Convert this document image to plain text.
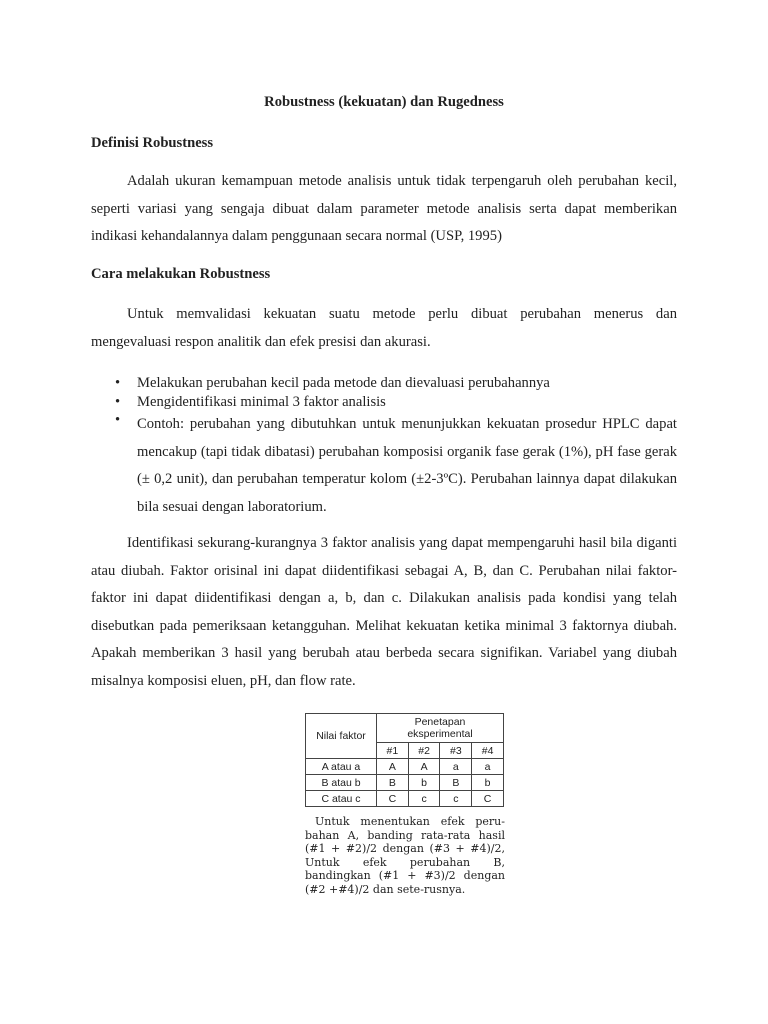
Robustness (kekuatan) dan Rugedness
Definisi Robustness

Adalah ukuran kemampuan metode analisis untuk tidak terpengaruh oleh perubahan kecil, seperti variasi yang sengaja dibuat dalam parameter metode analisis serta dapat memberikan indikasi kehandalannya dalam penggunaan secara normal (USP, 1995)

Cara melakukan Robustness

Untuk memvalidasi kekuatan suatu metode perlu dibuat perubahan menerus dan mengevaluasi respon analitik dan efek presisi dan akurasi.

• Melakukan perubahan kecil pada metode dan dievaluasi perubahannya
• Mengidentifikasi minimal 3 faktor analisis
• Contoh: perubahan yang dibutuhkan untuk menunjukkan kekuatan prosedur HPLC dapat mencakup (tapi tidak dibatasi) perubahan komposisi organik fase gerak (1%), pH fase gerak (± 0,2 unit), dan perubahan temperatur kolom (±2-3ºC). Perubahan lainnya dapat dilakukan bila sesuai dengan laboratorium.

Identifikasi sekurang-kurangnya 3 faktor analisis yang dapat mempengaruhi hasil bila diganti atau diubah. Faktor orisinal ini dapat diidentifikasi sebagai A, B, dan C. Perubahan nilai faktor-faktor ini dapat diidentifikasi dengan a, b, dan c. Dilakukan analisis pada kondisi yang telah disebutkan pada pemeriksaan ketangguhan. Melihat kekuatan ketika minimal 3 faktornya diubah. Apakah memberikan 3 hasil yang berubah atau berbeda secara signifikan. Variabel yang diubah misalnya komposisi eluen, pH, dan flow rate.

Nilai faktor	Penetapan eksperimental			
	#1	#2	#3	#4
A atau a	A	A	a	a
B atau b	B	b	B	b
C atau c	C	c	c	C
Untuk menentukan efek peru-bahan A, banding rata-rata hasil (#1 + #2)/2 dengan (#3 + #4)/2, Untuk efek perubahan B, bandingkan (#1 + #3)/2 dengan (#2 +#4)/2 dan sete-rusnya.
